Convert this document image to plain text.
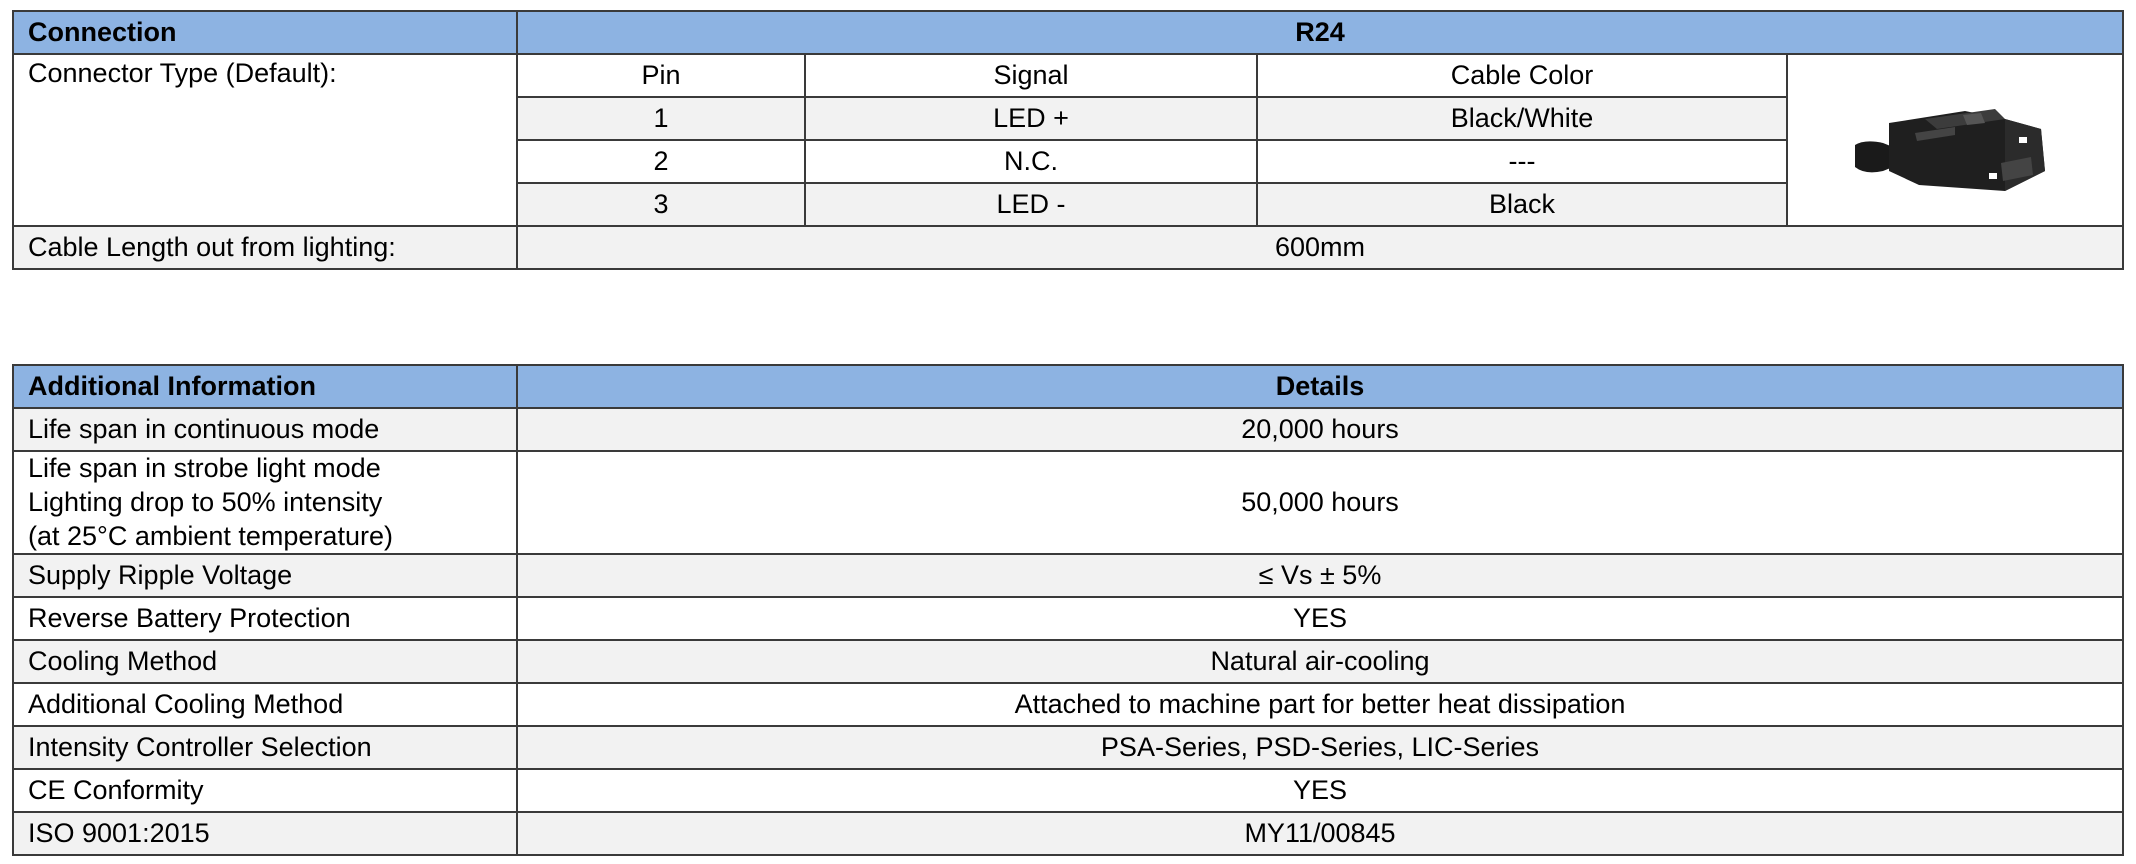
Connection	R24			
Connector Type (Default):	Pin	Signal	Cable Color	

	1	LED +	Black/White	
	2	N.C.	---	
	3	LED -	Black	
Cable Length out from lighting:	600mm			
Additional Information	Details
Life span in continuous mode	20,000 hours

Life span in strobe light mode
Lighting drop to 50% intensity
(at 25°C ambient temperature)	50,000 hours
Supply Ripple Voltage	≤ Vs ± 5%
Reverse Battery Protection	YES
Cooling Method	Natural air-cooling
Additional Cooling Method	Attached to machine part for better heat dissipation
Intensity Controller Selection	PSA-Series, PSD-Series, LIC-Series
CE Conformity	YES
ISO 9001:2015	MY11/00845
